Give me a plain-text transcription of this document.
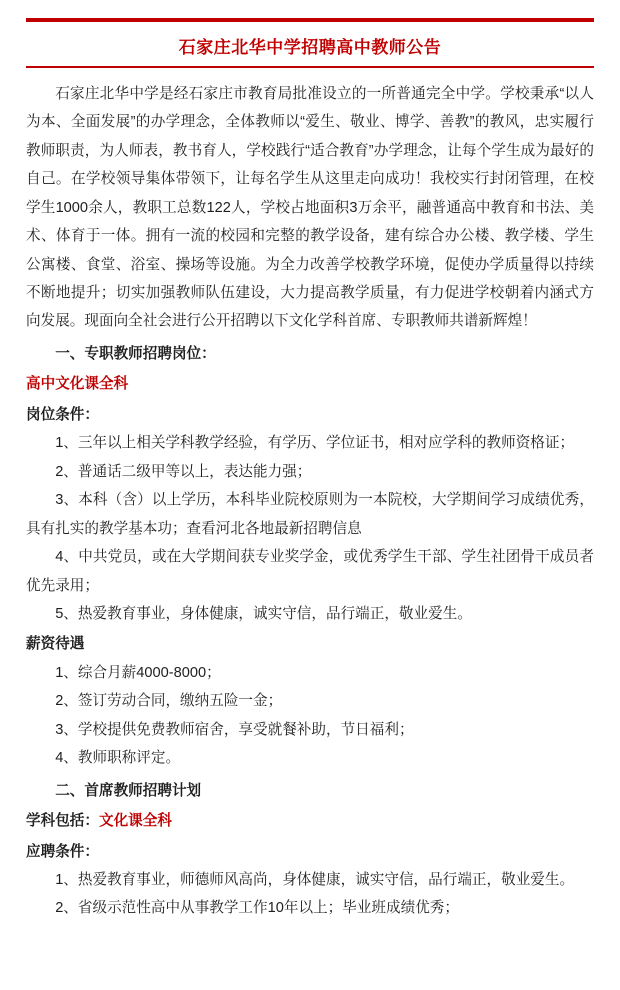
石家庄北华中学招聘高中教师公告

石家庄北华中学是经石家庄市教育局批准设立的一所普通完全中学。学校秉承“以人为本、全面发展”的办学理念，全体教师以“爱生、敬业、博学、善教”的教风，忠实履行教师职责，为人师表，教书育人，学校践行“适合教育”办学理念，让每个学生成为最好的自己。在学校领导集体带领下，让每名学生从这里走向成功！我校实行封闭管理，在校学生1000余人，教职工总数122人，学校占地面积3万余平，融普通高中教育和书法、美术、体育于一体。拥有一流的校园和完整的教学设备，建有综合办公楼、教学楼、学生公寓楼、食堂、浴室、操场等设施。为全力改善学校教学环境，促使办学质量得以持续不断地提升；切实加强教师队伍建设，大力提高教学质量，有力促进学校朝着内涵式方向发展。现面向全社会进行公开招聘以下文化学科首席、专职教师共谱新辉煌！

一、专职教师招聘岗位：

高中文化课全科

岗位条件：

1、三年以上相关学科教学经验，有学历、学位证书，相对应学科的教师资格证；

2、普通话二级甲等以上，表达能力强；

3、本科（含）以上学历，本科毕业院校原则为一本院校，大学期间学习成绩优秀，具有扎实的教学基本功；查看河北各地最新招聘信息

4、中共党员，或在大学期间获专业奖学金，或优秀学生干部、学生社团骨干成员者优先录用；

5、热爱教育事业，身体健康，诚实守信，品行端正，敬业爱生。

薪资待遇

1、综合月薪4000-8000；

2、签订劳动合同，缴纳五险一金；

3、学校提供免费教师宿舍，享受就餐补助，节日福利；

4、教师职称评定。

二、首席教师招聘计划

学科包括：文化课全科

应聘条件：

1、热爱教育事业，师德师风高尚，身体健康，诚实守信，品行端正，敬业爱生。

2、省级示范性高中从事教学工作10年以上；毕业班成绩优秀；
